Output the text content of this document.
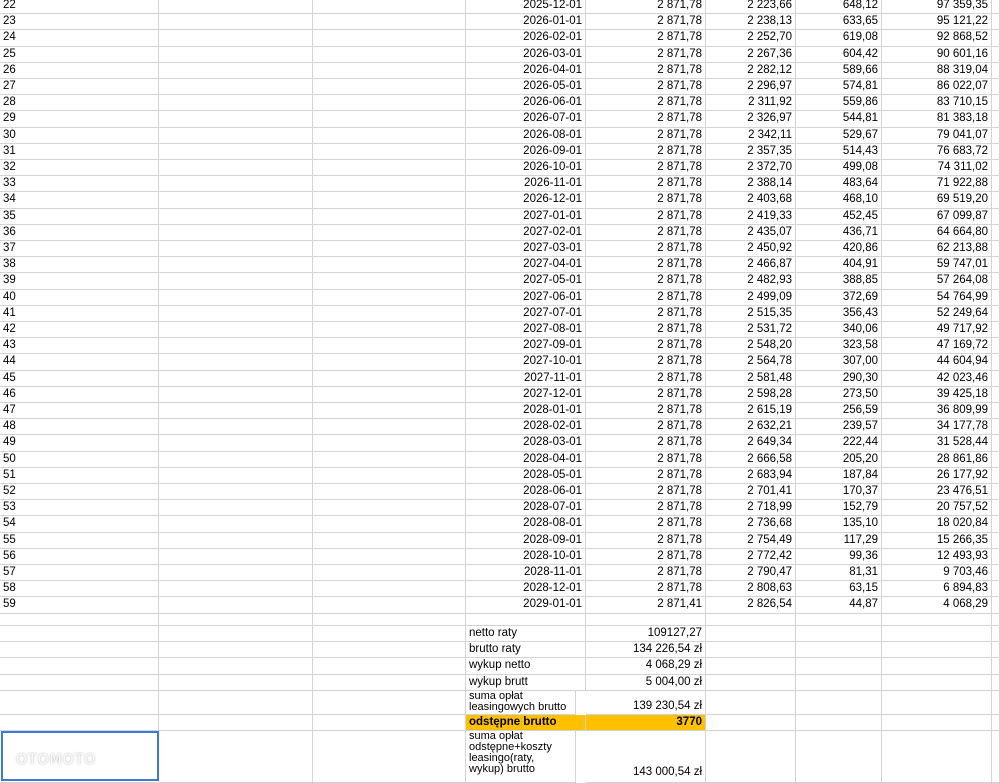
22	2025-12-01	2 871,78	2 223,66	648,12	97 359,35
23	2026-01-01	2 871,78	2 238,13	633,65	95 121,22
24	2026-02-01	2 871,78	2 252,70	619,08	92 868,52
25	2026-03-01	2 871,78	2 267,36	604,42	90 601,16
26	2026-04-01	2 871,78	2 282,12	589,66	88 319,04
27	2026-05-01	2 871,78	2 296,97	574,81	86 022,07
28	2026-06-01	2 871,78	2 311,92	559,86	83 710,15
29	2026-07-01	2 871,78	2 326,97	544,81	81 383,18
30	2026-08-01	2 871,78	2 342,11	529,67	79 041,07
31	2026-09-01	2 871,78	2 357,35	514,43	76 683,72
32	2026-10-01	2 871,78	2 372,70	499,08	74 311,02
33	2026-11-01	2 871,78	2 388,14	483,64	71 922,88
34	2026-12-01	2 871,78	2 403,68	468,10	69 519,20
35	2027-01-01	2 871,78	2 419,33	452,45	67 099,87
36	2027-02-01	2 871,78	2 435,07	436,71	64 664,80
37	2027-03-01	2 871,78	2 450,92	420,86	62 213,88
38	2027-04-01	2 871,78	2 466,87	404,91	59 747,01
39	2027-05-01	2 871,78	2 482,93	388,85	57 264,08
40	2027-06-01	2 871,78	2 499,09	372,69	54 764,99
41	2027-07-01	2 871,78	2 515,35	356,43	52 249,64
42	2027-08-01	2 871,78	2 531,72	340,06	49 717,92
43	2027-09-01	2 871,78	2 548,20	323,58	47 169,72
44	2027-10-01	2 871,78	2 564,78	307,00	44 604,94
45	2027-11-01	2 871,78	2 581,48	290,30	42 023,46
46	2027-12-01	2 871,78	2 598,28	273,50	39 425,18
47	2028-01-01	2 871,78	2 615,19	256,59	36 809,99
48	2028-02-01	2 871,78	2 632,21	239,57	34 177,78
49	2028-03-01	2 871,78	2 649,34	222,44	31 528,44
50	2028-04-01	2 871,78	2 666,58	205,20	28 861,86
51	2028-05-01	2 871,78	2 683,94	187,84	26 177,92
52	2028-06-01	2 871,78	2 701,41	170,37	23 476,51
53	2028-07-01	2 871,78	2 718,99	152,79	20 757,52
54	2028-08-01	2 871,78	2 736,68	135,10	18 020,84
55	2028-09-01	2 871,78	2 754,49	117,29	15 266,35
56	2028-10-01	2 871,78	2 772,42	99,36	12 493,93
57	2028-11-01	2 871,78	2 790,47	81,31	9 703,46
58	2028-12-01	2 871,78	2 808,63	63,15	6 894,83
59	2029-01-01	2 871,41	2 826,54	44,87	4 068,29
netto raty	109127,27
brutto raty	134 226,54 zł
wykup netto	4 068,29 zł
wykup brutt	5 004,00 zł
suma opłat leasingowych brutto	139 230,54 zł
odstępne brutto	3770
suma opłat odstępne+koszty leasingo(raty, wykup) brutto	143 000,54 zł
OTOMOTO
